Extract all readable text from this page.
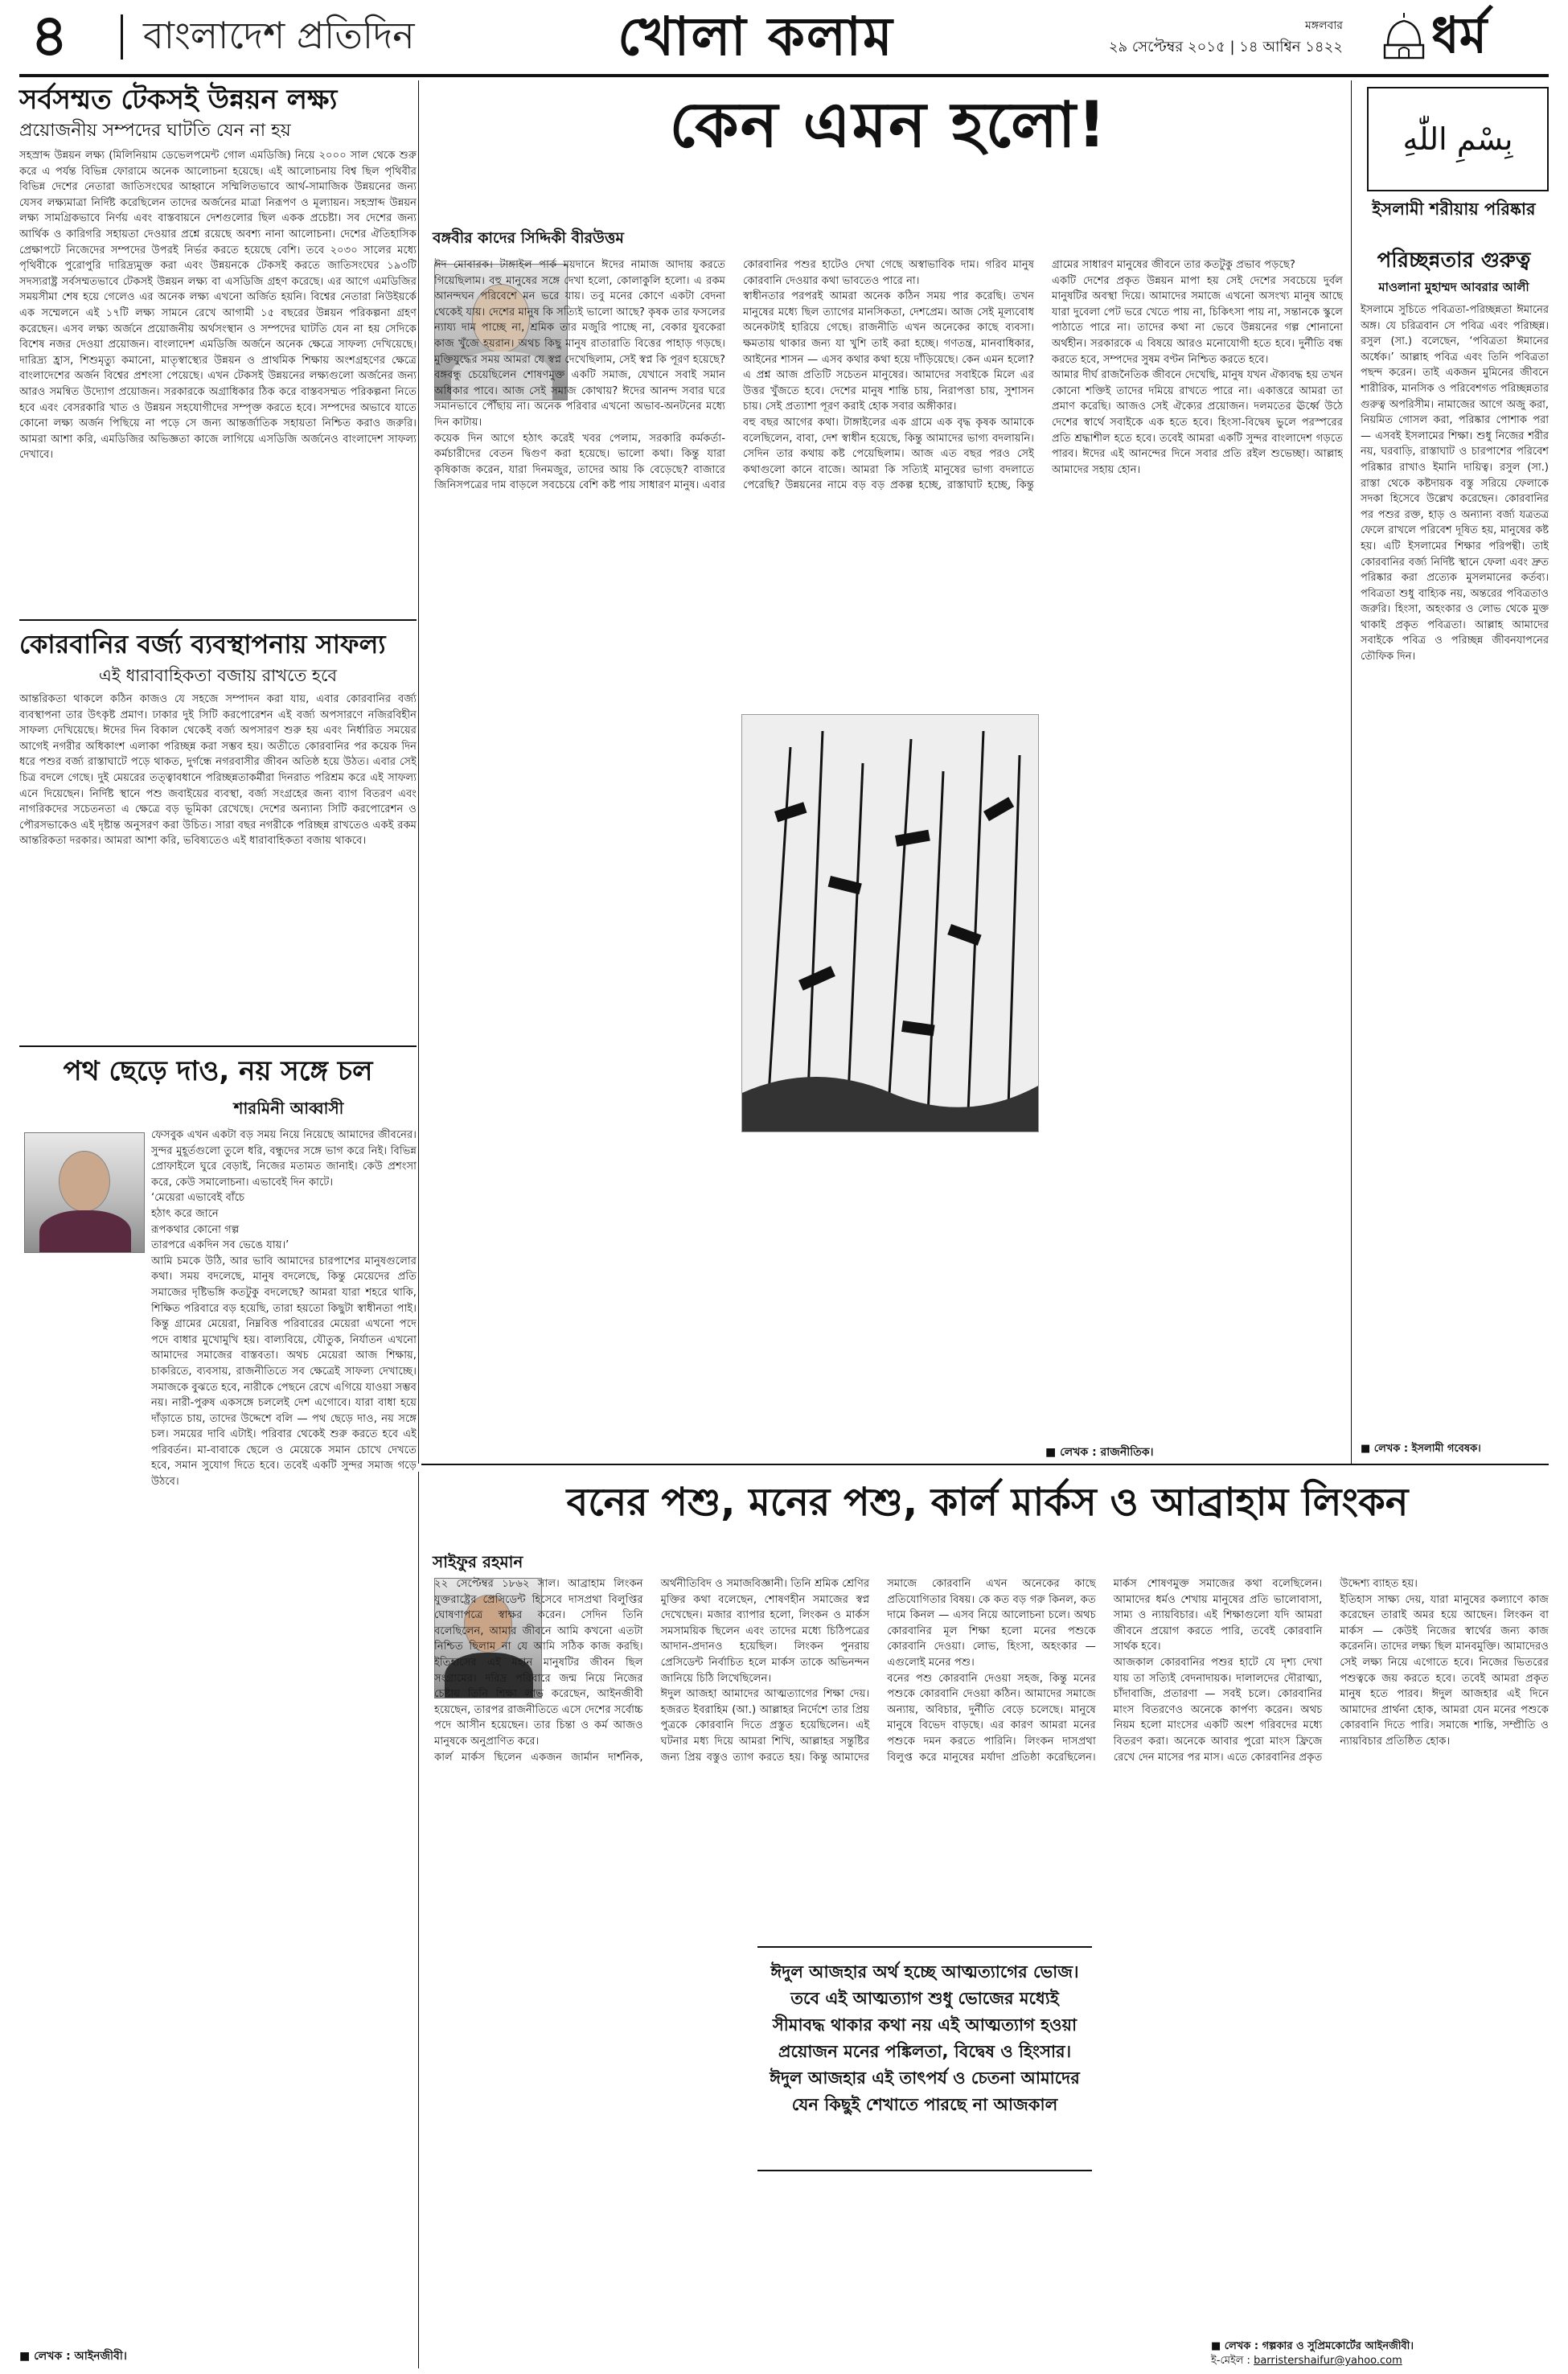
৪ বাংলাদেশ প্রতিদিন	খোলা কলাম	মঙ্গলবার
২৯ সেপ্টেম্বর ২০১৫ | ১৪ আশ্বিন ১৪২২ ধর্ম
সর্বসম্মত টেকসই উন্নয়ন লক্ষ্য
প্রয়োজনীয় সম্পদের ঘাটতি যেন না হয়
সহস্রাব্দ উন্নয়ন লক্ষ্য (মিলিনিয়াম ডেভেলপমেন্ট গোল এমডিজি) নিয়ে ২০০০ সাল থেকে শুরু করে এ পর্যন্ত বিভিন্ন ফোরামে অনেক আলোচনা হয়েছে। এই আলোচনায় বিশ্ব ছিল পৃথিবীর বিভিন্ন দেশের নেতারা জাতিসংঘের আহ্বানে সম্মিলিতভাবে আর্থ-সামাজিক উন্নয়নের জন্য যেসব লক্ষ্যমাত্রা নির্দিষ্ট করেছিলেন তাদের অর্জনের মাত্রা নিরূপণ ও মূল্যায়ন। সহস্রাব্দ উন্নয়ন লক্ষ্য সামগ্রিকভাবে নির্ণয় এবং বাস্তবায়নে দেশগুলোর ছিল একক প্রচেষ্টা। সব দেশের জন্য আর্থিক ও কারিগরি সহায়তা দেওয়ার প্রশ্নে রয়েছে অবশ্য নানা আলোচনা। দেশের ঐতিহাসিক প্রেক্ষাপটে নিজেদের সম্পদের উপরই নির্ভর করতে হয়েছে বেশি। তবে ২০৩০ সালের মধ্যে পৃথিবীকে পুরোপুরি দারিদ্র্যমুক্ত করা এবং উন্নয়নকে টেকসই করতে জাতিসংঘের ১৯৩টি সদস্যরাষ্ট্র সর্বসম্মতভাবে টেকসই উন্নয়ন লক্ষ্য বা এসডিজি গ্রহণ করেছে। এর আগে এমডিজির সময়সীমা শেষ হয়ে গেলেও এর অনেক লক্ষ্য এখনো অর্জিত হয়নি। বিশ্বের নেতারা নিউইয়র্কে এক সম্মেলনে এই ১৭টি লক্ষ্য সামনে রেখে আগামী ১৫ বছরের উন্নয়ন পরিকল্পনা গ্রহণ করেছেন। এসব লক্ষ্য অর্জনে প্রয়োজনীয় অর্থসংস্থান ও সম্পদের ঘাটতি যেন না হয় সেদিকে বিশেষ নজর দেওয়া প্রয়োজন। বাংলাদেশ এমডিজি অর্জনে অনেক ক্ষেত্রে সাফল্য দেখিয়েছে। দারিদ্র্য হ্রাস, শিশুমৃত্যু কমানো, মাতৃস্বাস্থ্যের উন্নয়ন ও প্রাথমিক শিক্ষায় অংশগ্রহণের ক্ষেত্রে বাংলাদেশের অর্জন বিশ্বের প্রশংসা পেয়েছে। এখন টেকসই উন্নয়নের লক্ষ্যগুলো অর্জনের জন্য আরও সমন্বিত উদ্যোগ প্রয়োজন। সরকারকে অগ্রাধিকার ঠিক করে বাস্তবসম্মত পরিকল্পনা নিতে হবে এবং বেসরকারি খাত ও উন্নয়ন সহযোগীদের সম্পৃক্ত করতে হবে। সম্পদের অভাবে যাতে কোনো লক্ষ্য অর্জন পিছিয়ে না পড়ে সে জন্য আন্তর্জাতিক সহায়তা নিশ্চিত করাও জরুরি। আমরা আশা করি, এমডিজির অভিজ্ঞতা কাজে লাগিয়ে এসডিজি অর্জনেও বাংলাদেশ সাফল্য দেখাবে।
কোরবানির বর্জ্য ব্যবস্থাপনায় সাফল্য
এই ধারাবাহিকতা বজায় রাখতে হবে
আন্তরিকতা থাকলে কঠিন কাজও যে সহজে সম্পাদন করা যায়, এবার কোরবানির বর্জ্য ব্যবস্থাপনা তার উৎকৃষ্ট প্রমাণ। ঢাকার দুই সিটি করপোরেশন এই বর্জ্য অপসারণে নজিরবিহীন সাফল্য দেখিয়েছে। ঈদের দিন বিকাল থেকেই বর্জ্য অপসারণ শুরু হয় এবং নির্ধারিত সময়ের আগেই নগরীর অধিকাংশ এলাকা পরিচ্ছন্ন করা সম্ভব হয়। অতীতে কোরবানির পর কয়েক দিন ধরে পশুর বর্জ্য রাস্তাঘাটে পড়ে থাকত, দুর্গন্ধে নগরবাসীর জীবন অতিষ্ঠ হয়ে উঠত। এবার সেই চিত্র বদলে গেছে। দুই মেয়রের তত্ত্বাবধানে পরিচ্ছন্নতাকর্মীরা দিনরাত পরিশ্রম করে এই সাফল্য এনে দিয়েছেন। নির্দিষ্ট স্থানে পশু জবাইয়ের ব্যবস্থা, বর্জ্য সংগ্রহের জন্য ব্যাগ বিতরণ এবং নাগরিকদের সচেতনতা এ ক্ষেত্রে বড় ভূমিকা রেখেছে। দেশের অন্যান্য সিটি করপোরেশন ও পৌরসভাকেও এই দৃষ্টান্ত অনুসরণ করা উচিত। সারা বছর নগরীকে পরিচ্ছন্ন রাখতেও একই রকম আন্তরিকতা দরকার। আমরা আশা করি, ভবিষ্যতেও এই ধারাবাহিকতা বজায় থাকবে।
পথ ছেড়ে দাও, নয় সঙ্গে চল
শারমিনী আব্বাসী
ফেসবুক এখন একটা বড় সময় নিয়ে নিয়েছে আমাদের জীবনের। সুন্দর মুহূর্তগুলো তুলে ধরি, বন্ধুদের সঙ্গে ভাগ করে নিই। বিভিন্ন প্রোফাইলে ঘুরে বেড়াই, নিজের মতামত জানাই। কেউ প্রশংসা করে, কেউ সমালোচনা। এভাবেই দিন কাটে।
‘মেয়েরা এভাবেই বাঁচে
হঠাৎ করে জানে
রূপকথার কোনো গল্প
তারপরে একদিন সব ভেঙে যায়।’
আমি চমকে উঠি, আর ভাবি আমাদের চারপাশের মানুষগুলোর কথা। সময় বদলেছে, মানুষ বদলেছে, কিন্তু মেয়েদের প্রতি সমাজের দৃষ্টিভঙ্গি কতটুকু বদলেছে? আমরা যারা শহরে থাকি, শিক্ষিত পরিবারে বড় হয়েছি, তারা হয়তো কিছুটা স্বাধীনতা পাই। কিন্তু গ্রামের মেয়েরা, নিম্নবিত্ত পরিবারের মেয়েরা এখনো পদে পদে বাধার মুখোমুখি হয়। বাল্যবিয়ে, যৌতুক, নির্যাতন এখনো আমাদের সমাজের বাস্তবতা। অথচ মেয়েরা আজ শিক্ষায়, চাকরিতে, ব্যবসায়, রাজনীতিতে সব ক্ষেত্রেই সাফল্য দেখাচ্ছে। সমাজকে বুঝতে হবে, নারীকে পেছনে রেখে এগিয়ে যাওয়া সম্ভব নয়। নারী-পুরুষ একসঙ্গে চললেই দেশ এগোবে। যারা বাধা হয়ে দাঁড়াতে চায়, তাদের উদ্দেশে বলি — পথ ছেড়ে দাও, নয় সঙ্গে চল। সময়ের দাবি এটাই। পরিবার থেকেই শুরু করতে হবে এই পরিবর্তন। মা-বাবাকে ছেলে ও মেয়েকে সমান চোখে দেখতে হবে, সমান সুযোগ দিতে হবে। তবেই একটি সুন্দর সমাজ গড়ে উঠবে।
■ লেখক : আইনজীবী।
কেন এমন হলো!
বঙ্গবীর কাদের সিদ্দিকী বীরউত্তম
ঈদ মোবারক। টাঙ্গাইল পার্ক ময়দানে ঈদের নামাজ আদায় করতে গিয়েছিলাম। বহু মানুষের সঙ্গে দেখা হলো, কোলাকুলি হলো। এ রকম আনন্দঘন পরিবেশে মন ভরে যায়। তবু মনের কোণে একটা বেদনা থেকেই যায়। দেশের মানুষ কি সত্যিই ভালো আছে? কৃষক তার ফসলের ন্যায্য দাম পাচ্ছে না, শ্রমিক তার মজুরি পাচ্ছে না, বেকার যুবকেরা কাজ খুঁজে হয়রান। অথচ কিছু মানুষ রাতারাতি বিত্তের পাহাড় গড়ছে। মুক্তিযুদ্ধের সময় আমরা যে স্বপ্ন দেখেছিলাম, সেই স্বপ্ন কি পূরণ হয়েছে? বঙ্গবন্ধু চেয়েছিলেন শোষণমুক্ত একটি সমাজ, যেখানে সবাই সমান অধিকার পাবে। আজ সেই সমাজ কোথায়? ঈদের আনন্দ সবার ঘরে সমানভাবে পৌঁছায় না। অনেক পরিবার এখনো অভাব-অনটনের মধ্যে দিন কাটায়।
কয়েক দিন আগে হঠাৎ করেই খবর পেলাম, সরকারি কর্মকর্তা-কর্মচারীদের বেতন দ্বিগুণ করা হয়েছে। ভালো কথা। কিন্তু যারা কৃষিকাজ করেন, যারা দিনমজুর, তাদের আয় কি বেড়েছে? বাজারে জিনিসপত্রের দাম বাড়লে সবচেয়ে বেশি কষ্ট পায় সাধারণ মানুষ। এবার কোরবানির পশুর হাটেও দেখা গেছে অস্বাভাবিক দাম। গরিব মানুষ কোরবানি দেওয়ার কথা ভাবতেও পারে না।
স্বাধীনতার পরপরই আমরা অনেক কঠিন সময় পার করেছি। তখন মানুষের মধ্যে ছিল ত্যাগের মানসিকতা, দেশপ্রেম। আজ সেই মূল্যবোধ অনেকটাই হারিয়ে গেছে। রাজনীতি এখন অনেকের কাছে ব্যবসা। ক্ষমতায় থাকার জন্য যা খুশি তাই করা হচ্ছে। গণতন্ত্র, মানবাধিকার, আইনের শাসন — এসব কথার কথা হয়ে দাঁড়িয়েছে। কেন এমন হলো? এ প্রশ্ন আজ প্রতিটি সচেতন মানুষের। আমাদের সবাইকে মিলে এর উত্তর খুঁজতে হবে। দেশের মানুষ শান্তি চায়, নিরাপত্তা চায়, সুশাসন চায়। সেই প্রত্যাশা পূরণ করাই হোক সবার অঙ্গীকার।
বহু বছর আগের কথা। টাঙ্গাইলের এক গ্রামে এক বৃদ্ধ কৃষক আমাকে বলেছিলেন, বাবা, দেশ স্বাধীন হয়েছে, কিন্তু আমাদের ভাগ্য বদলায়নি। সেদিন তার কথায় কষ্ট পেয়েছিলাম। আজ এত বছর পরও সেই কথাগুলো কানে বাজে। আমরা কি সত্যিই মানুষের ভাগ্য বদলাতে পেরেছি? উন্নয়নের নামে বড় বড় প্রকল্প হচ্ছে, রাস্তাঘাট হচ্ছে, কিন্তু গ্রামের সাধারণ মানুষের জীবনে তার কতটুকু প্রভাব পড়ছে?
একটি দেশের প্রকৃত উন্নয়ন মাপা হয় সেই দেশের সবচেয়ে দুর্বল মানুষটির অবস্থা দিয়ে। আমাদের সমাজে এখনো অসংখ্য মানুষ আছে যারা দুবেলা পেট ভরে খেতে পায় না, চিকিৎসা পায় না, সন্তানকে স্কুলে পাঠাতে পারে না। তাদের কথা না ভেবে উন্নয়নের গল্প শোনানো অর্থহীন। সরকারকে এ বিষয়ে আরও মনোযোগী হতে হবে। দুর্নীতি বন্ধ করতে হবে, সম্পদের সুষম বণ্টন নিশ্চিত করতে হবে।
আমার দীর্ঘ রাজনৈতিক জীবনে দেখেছি, মানুষ যখন ঐক্যবদ্ধ হয় তখন কোনো শক্তিই তাদের দমিয়ে রাখতে পারে না। একাত্তরে আমরা তা প্রমাণ করেছি। আজও সেই ঐক্যের প্রয়োজন। দলমতের ঊর্ধ্বে উঠে দেশের স্বার্থে সবাইকে এক হতে হবে। হিংসা-বিদ্বেষ ভুলে পরস্পরের প্রতি শ্রদ্ধাশীল হতে হবে। তবেই আমরা একটি সুন্দর বাংলাদেশ গড়তে পারব। ঈদের এই আনন্দের দিনে সবার প্রতি রইল শুভেচ্ছা। আল্লাহ আমাদের সহায় হোন।
■ লেখক : রাজনীতিক।
بِسْمِ اللّٰهِ
ইসলামী শরীয়ায় পরিষ্কার
পরিচ্ছন্নতার গুরুত্ব
মাওলানা মুহাম্মদ আবরার আলী
ইসলামে সুচিতে পবিত্রতা-পরিচ্ছন্নতা ঈমানের অঙ্গ। যে চরিত্রবান সে পবিত্র এবং পরিচ্ছন্ন। রসুল (সা.) বলেছেন, ‘পবিত্রতা ঈমানের অর্ধেক।’ আল্লাহ পবিত্র এবং তিনি পবিত্রতা পছন্দ করেন। তাই একজন মুমিনের জীবনে শারীরিক, মানসিক ও পরিবেশগত পরিচ্ছন্নতার গুরুত্ব অপরিসীম। নামাজের আগে অজু করা, নিয়মিত গোসল করা, পরিষ্কার পোশাক পরা — এসবই ইসলামের শিক্ষা। শুধু নিজের শরীর নয়, ঘরবাড়ি, রাস্তাঘাট ও চারপাশের পরিবেশ পরিষ্কার রাখাও ইমানি দায়িত্ব। রসুল (সা.) রাস্তা থেকে কষ্টদায়ক বস্তু সরিয়ে ফেলাকে সদকা হিসেবে উল্লেখ করেছেন। কোরবানির পর পশুর রক্ত, হাড় ও অন্যান্য বর্জ্য যত্রতত্র ফেলে রাখলে পরিবেশ দূষিত হয়, মানুষের কষ্ট হয়। এটি ইসলামের শিক্ষার পরিপন্থী। তাই কোরবানির বর্জ্য নির্দিষ্ট স্থানে ফেলা এবং দ্রুত পরিষ্কার করা প্রত্যেক মুসলমানের কর্তব্য। পবিত্রতা শুধু বাহ্যিক নয়, অন্তরের পবিত্রতাও জরুরি। হিংসা, অহংকার ও লোভ থেকে মুক্ত থাকাই প্রকৃত পবিত্রতা। আল্লাহ আমাদের সবাইকে পবিত্র ও পরিচ্ছন্ন জীবনযাপনের তৌফিক দিন।
■ লেখক : ইসলামী গবেষক।
বনের পশু, মনের পশু, কার্ল মার্কস ও আব্রাহাম লিংকন
সাইফুর রহমান
২২ সেপ্টেম্বর ১৮৬২ সাল। আব্রাহাম লিংকন যুক্তরাষ্ট্রের প্রেসিডেন্ট হিসেবে দাসপ্রথা বিলুপ্তির ঘোষণাপত্রে স্বাক্ষর করেন। সেদিন তিনি বলেছিলেন, আমার জীবনে আমি কখনো এতটা নিশ্চিত ছিলাম না যে আমি সঠিক কাজ করছি। ইতিহাসের এই মহান মানুষটির জীবন ছিল সংগ্রামের। দরিদ্র পরিবারে জন্ম নিয়ে নিজের চেষ্টায় তিনি শিক্ষা লাভ করেছেন, আইনজীবী হয়েছেন, তারপর রাজনীতিতে এসে দেশের সর্বোচ্চ পদে আসীন হয়েছেন। তার চিন্তা ও কর্ম আজও মানুষকে অনুপ্রাণিত করে।
কার্ল মার্কস ছিলেন একজন জার্মান দার্শনিক, অর্থনীতিবিদ ও সমাজবিজ্ঞানী। তিনি শ্রমিক শ্রেণির মুক্তির কথা বলেছেন, শোষণহীন সমাজের স্বপ্ন দেখেছেন। মজার ব্যাপার হলো, লিংকন ও মার্কস সমসাময়িক ছিলেন এবং তাদের মধ্যে চিঠিপত্রের আদান-প্রদানও হয়েছিল। লিংকন পুনরায় প্রেসিডেন্ট নির্বাচিত হলে মার্কস তাকে অভিনন্দন জানিয়ে চিঠি লিখেছিলেন।
ঈদুল আজহা আমাদের আত্মত্যাগের শিক্ষা দেয়। হজরত ইবরাহিম (আ.) আল্লাহর নির্দেশে তার প্রিয় পুত্রকে কোরবানি দিতে প্রস্তুত হয়েছিলেন। এই ঘটনার মধ্য দিয়ে আমরা শিখি, আল্লাহর সন্তুষ্টির জন্য প্রিয় বস্তুও ত্যাগ করতে হয়। কিন্তু আমাদের সমাজে কোরবানি এখন অনেকের কাছে প্রতিযোগিতার বিষয়। কে কত বড় গরু কিনল, কত দামে কিনল — এসব নিয়ে আলোচনা চলে। অথচ কোরবানির মূল শিক্ষা হলো মনের পশুকে কোরবানি দেওয়া। লোভ, হিংসা, অহংকার — এগুলোই মনের পশু।
বনের পশু কোরবানি দেওয়া সহজ, কিন্তু মনের পশুকে কোরবানি দেওয়া কঠিন। আমাদের সমাজে অন্যায়, অবিচার, দুর্নীতি বেড়ে চলেছে। মানুষে মানুষে বিভেদ বাড়ছে। এর কারণ আমরা মনের পশুকে দমন করতে পারিনি। লিংকন দাসপ্রথা বিলুপ্ত করে মানুষের মর্যাদা প্রতিষ্ঠা করেছিলেন। মার্কস শোষণমুক্ত সমাজের কথা বলেছিলেন। আমাদের ধর্মও শেখায় মানুষের প্রতি ভালোবাসা, সাম্য ও ন্যায়বিচার। এই শিক্ষাগুলো যদি আমরা জীবনে প্রয়োগ করতে পারি, তবেই কোরবানি সার্থক হবে।
আজকাল কোরবানির পশুর হাটে যে দৃশ্য দেখা যায় তা সত্যিই বেদনাদায়ক। দালালদের দৌরাত্ম্য, চাঁদাবাজি, প্রতারণা — সবই চলে। কোরবানির মাংস বিতরণেও অনেকে কার্পণ্য করেন। অথচ নিয়ম হলো মাংসের একটি অংশ গরিবদের মধ্যে বিতরণ করা। অনেকে আবার পুরো মাংস ফ্রিজে রেখে দেন মাসের পর মাস। এতে কোরবানির প্রকৃত উদ্দেশ্য ব্যাহত হয়।
ইতিহাস সাক্ষ্য দেয়, যারা মানুষের কল্যাণে কাজ করেছেন তারাই অমর হয়ে আছেন। লিংকন বা মার্কস — কেউই নিজের স্বার্থের জন্য কাজ করেননি। তাদের লক্ষ্য ছিল মানবমুক্তি। আমাদেরও সেই লক্ষ্য নিয়ে এগোতে হবে। নিজের ভিতরের পশুত্বকে জয় করতে হবে। তবেই আমরা প্রকৃত মানুষ হতে পারব। ঈদুল আজহার এই দিনে আমাদের প্রার্থনা হোক, আমরা যেন মনের পশুকে কোরবানি দিতে পারি। সমাজে শান্তি, সম্প্রীতি ও ন্যায়বিচার প্রতিষ্ঠিত হোক।
ঈদুল আজহার অর্থ হচ্ছে আত্মত্যাগের ভোজ। তবে এই আত্মত্যাগ শুধু ভোজের মধ্যেই সীমাবদ্ধ থাকার কথা নয় এই আত্মত্যাগ হওয়া প্রয়োজন মনের পঙ্কিলতা, বিদ্বেষ ও হিংসার। ঈদুল আজহার এই তাৎপর্য ও চেতনা আমাদের যেন কিছুই শেখাতে পারছে না আজকাল
■ লেখক : গল্পকার ও সুপ্রিমকোর্টের আইনজীবী।
ই-মেইল : barristershaifur@yahoo.com
